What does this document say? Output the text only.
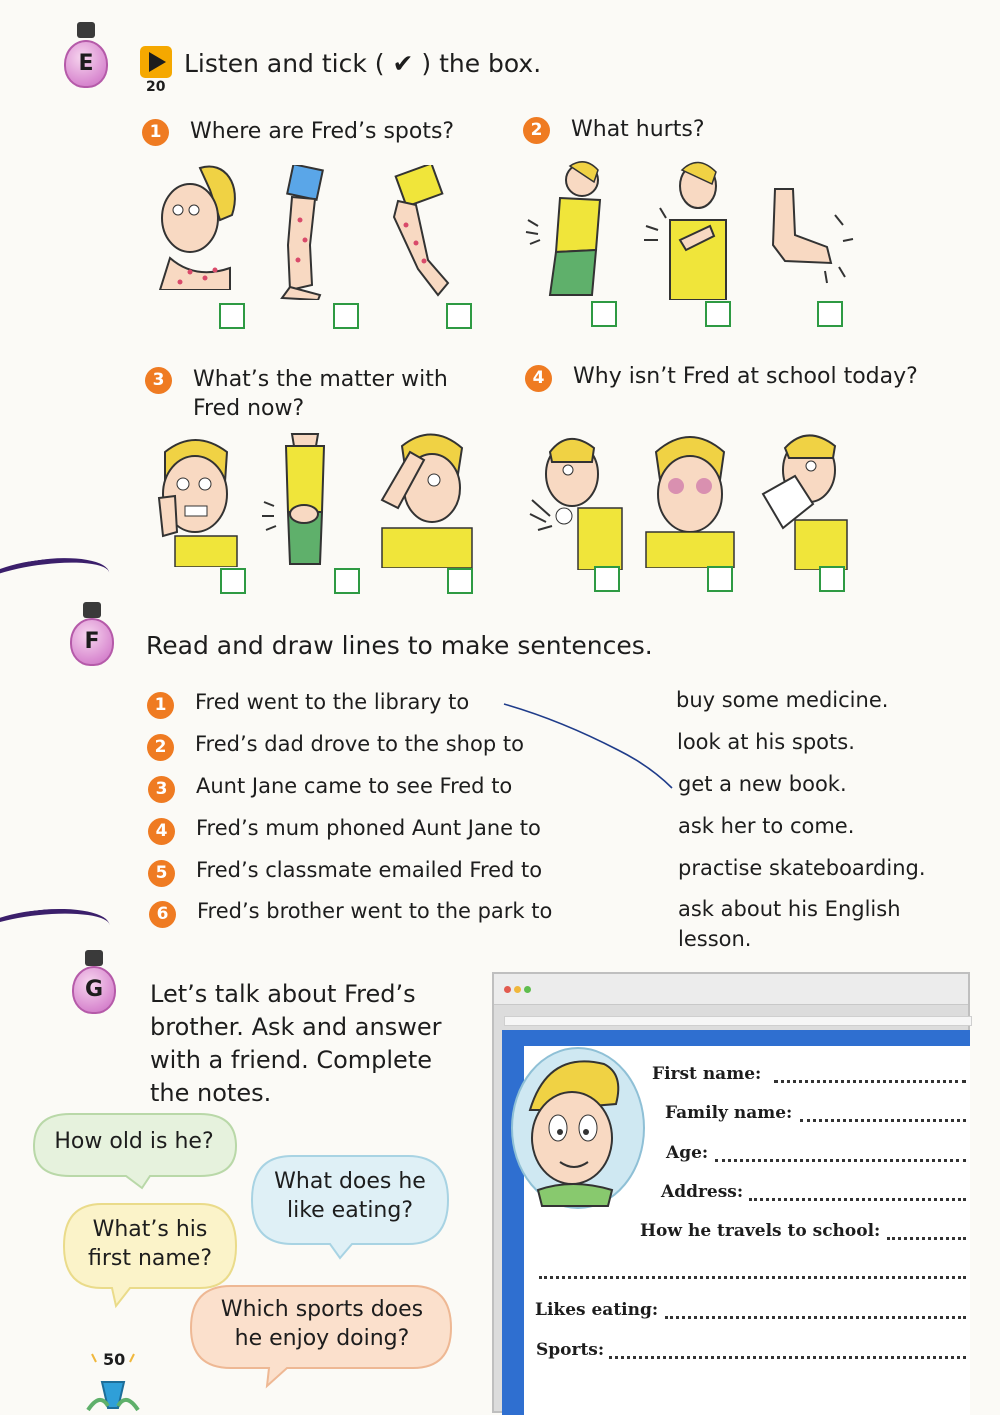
E
20
Listen and tick ( ✔ ) the box.
1	Where are Fred’s spots?	2	What hurts?
3	What’s the matter with
Fred now?
4	Why isn’t Fred at school today?
F	Read and draw lines to make sentences.
1	Fred went to the library to
2	Fred’s dad drove to the shop to
3	Aunt Jane came to see Fred to
4	Fred’s mum phoned Aunt Jane to
5	Fred’s classmate emailed Fred to
6	Fred’s brother went to the park to
buy some medicine.
look at his spots.
get a new book.
ask her to come.
practise skateboarding.
ask about his English
lesson.
G	Let’s talk about Fred’s
brother. Ask and answer
with a friend. Complete
the notes.
How old is he?
What does he
like eating?
What’s his
first name?
Which sports does
he enjoy doing?
First name:
Family name:
Age:
Address:
How he travels to school:
Likes eating:
Sports:
50
